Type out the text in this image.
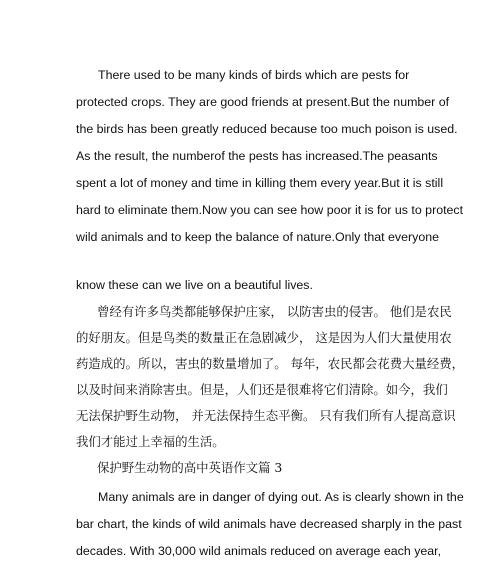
There used to be many kinds of birds which are pests for
protected crops. They are good friends at present.But the number of
the birds has been greatly reduced because too much poison is used.
As the result, the numberof the pests has increased.The peasants
spent a lot of money and time in killing them every year.But it is still
hard to eliminate them.Now you can see how poor it is for us to protect
wild animals and to keep the balance of nature.Only that everyone
know these can we live on a beautiful lives.
曾经有许多鸟类都能够保护庄家， 以防害虫的侵害。 他们是农民
的好朋友。但是鸟类的数量正在急剧减少， 这是因为人们大量使用农
药造成的。所以，害虫的数量增加了。 每年，农民都会花费大量经费，
以及时间来消除害虫。但是，人们还是很难将它们清除。如今，我们
无法保护野生动物， 并无法保持生态平衡。 只有我们所有人提高意识
我们才能过上幸福的生活。
保护野生动物的高中英语作文篇 3
Many animals are in danger of dying out. As is clearly shown in the
bar chart, the kinds of wild animals have decreased sharply in the past
decades. With 30,000 wild animals reduced on average each year,
